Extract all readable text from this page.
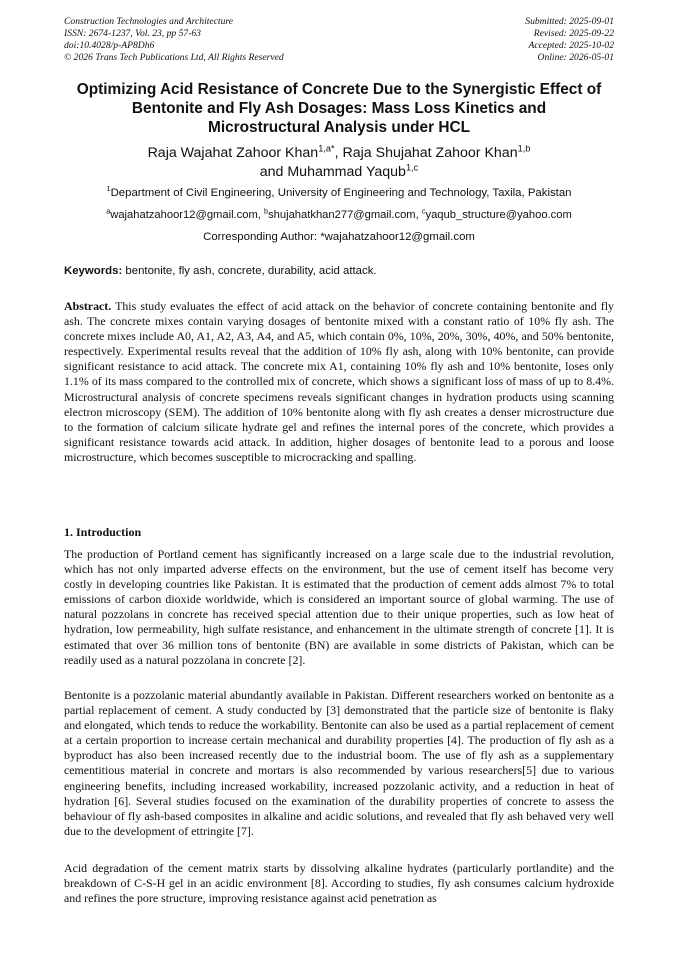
Construction Technologies and Architecture
ISSN: 2674-1237, Vol. 23, pp 57-63
doi:10.4028/p-AP8Dh6
© 2026 Trans Tech Publications Ltd, All Rights Reserved
Submitted: 2025-09-01
Revised: 2025-09-22
Accepted: 2025-10-02
Online: 2026-05-01
Optimizing Acid Resistance of Concrete Due to the Synergistic Effect of
Bentonite and Fly Ash Dosages: Mass Loss Kinetics and
Microstructural Analysis under HCL
Raja Wajahat Zahoor Khan$^{1,a*}$, Raja Shujahat Zahoor Khan$^{1,b}$
and Muhammad Yaqub$^{1,c}$
$^1$Department of Civil Engineering, University of Engineering and Technology, Taxila, Pakistan
$^a$wajahatzahoor12@gmail.com, $^b$shujahatkhan277@gmail.com, $^c$yaqub_structure@yahoo.com
Corresponding Author: *wajahatzahoor12@gmail.com
Keywords: bentonite, fly ash, concrete, durability, acid attack.

Abstract. This study evaluates the effect of acid attack on the behavior of concrete containing bentonite and fly ash. The concrete mixes contain varying dosages of bentonite mixed with a constant ratio of 10% fly ash. The concrete mixes include A0, A1, A2, A3, A4, and A5, which contain 0%, 10%, 20%, 30%, 40%, and 50% bentonite, respectively. Experimental results reveal that the addition of 10% fly ash, along with 10% bentonite, can provide significant resistance to acid attack. The concrete mix A1, containing 10% fly ash and 10% bentonite, loses only 1.1% of its mass compared to the controlled mix of concrete, which shows a significant loss of mass of up to 8.4%. Microstructural analysis of concrete specimens reveals significant changes in hydration products using scanning electron microscopy (SEM). The addition of 10% bentonite along with fly ash creates a denser microstructure due to the formation of calcium silicate hydrate gel and refines the internal pores of the concrete, which provides a significant resistance towards acid attack. In addition, higher dosages of bentonite lead to a porous and loose microstructure, which becomes susceptible to microcracking and spalling.

1. Introduction

The production of Portland cement has significantly increased on a large scale due to the industrial revolution, which has not only imparted adverse effects on the environment, but the use of cement itself has become very costly in developing countries like Pakistan. It is estimated that the production of cement adds almost 7% to total emissions of carbon dioxide worldwide, which is considered an important source of global warming. The use of natural pozzolans in concrete has received special attention due to their unique properties, such as low heat of hydration, low permeability, high sulfate resistance, and enhancement in the ultimate strength of concrete [1]. It is estimated that over 36 million tons of bentonite (BN) are available in some districts of Pakistan, which can be readily used as a natural pozzolana in concrete [2].

Bentonite is a pozzolanic material abundantly available in Pakistan. Different researchers worked on bentonite as a partial replacement of cement. A study conducted by [3] demonstrated that the particle size of bentonite is flaky and elongated, which tends to reduce the workability. Bentonite can also be used as a partial replacement of cement at a certain proportion to increase certain mechanical and durability properties [4]. The production of fly ash as a byproduct has also been increased recently due to the industrial boom. The use of fly ash as a supplementary cementitious material in concrete and mortars is also recommended by various researchers[5] due to various engineering benefits, including increased workability, increased pozzolanic activity, and a reduction in heat of hydration [6]. Several studies focused on the examination of the durability properties of concrete to assess the behaviour of fly ash-based composites in alkaline and acidic solutions, and revealed that fly ash behaved very well due to the development of ettringite [7].

Acid degradation of the cement matrix starts by dissolving alkaline hydrates (particularly portlandite) and the breakdown of C-S-H gel in an acidic environment [8]. According to studies, fly ash consumes calcium hydroxide and refines the pore structure, improving resistance against acid penetration as
